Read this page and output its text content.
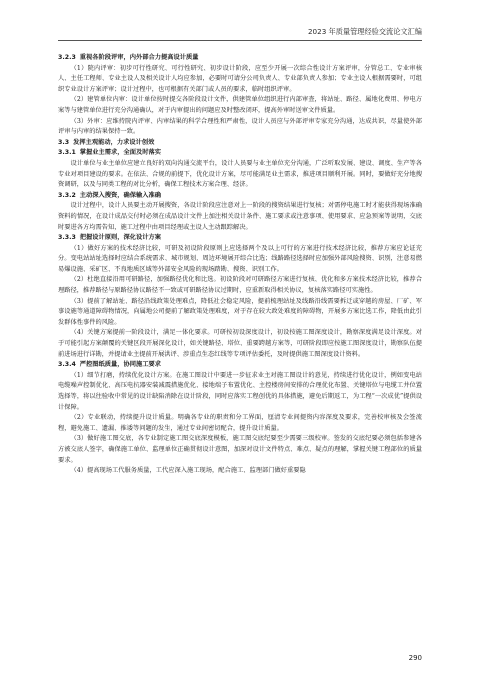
2023 年质量管理经验交流论文汇编

3.2.3 重视各阶段评审，内外部合力提高设计质量

（1）院内评审：初步可行性研究、可行性研究、初步设计阶段，应至少开展一次综合性设计方案评审，分管总工、专业审核人、主任工程师、专业主设人及相关设计人均应参加，必要时可请分公司负责人、专业部负责人参加；专业主设人根据需要时，可组织专业设计方案评审；设计过程中，也可根据有关部门或人员的要求，临时组织评审。

（2）建管单位内审：设计单位按时提交各阶段设计文件，供建管单位组织进行内部审查，将站址、路径、属地化费用、停电方案等与建管单位进行充分沟通确认，对于内审提出的问题应及时整改闭环，提高外审时送审文件质量。

（3）外审：应维持院内评审、内审结果的科学合理性和严肃性，设计人员应与外部评审专家充分沟通，达成共识，尽量使外部评审与内审的结果保持一致。

3.3 发挥主观能动，力求设计创效

3.3.1 掌握业主需求，全面及时落实

设计单位与业主单位应建立良好的双向沟通交流平台，设计人员要与业主单位充分沟通，广泛听取发展、建设、调度、生产等各专业对项目建设的要求。在依法、合规的前提下，优化设计方案，尽可能满足业主需求，推进项目顺利开展。同时，要做好充分地搜资调研，以及与同类工程的对比分析，确保工程技术方案合理、经济。

3.3.2 主动深入搜资，确保输入准确

设计过程中，设计人员要主动开展搜资，各设计阶段应注意对上一阶段的搜资结果进行复核；对需停电施工时才能获得现场准确资料的情况，在设计成品交付时必须在成品设计文件上加注相关设计条件、施工要求或注意事项、使用要求、应急预案等说明，交底时要进各方均需告知，施工过程中由项目经理或主设人主动跟踪解决。

3.3.3 把握设计原则，深化设计方案

（1）做好方案的技术经济比较，可研及初设阶段原则上应选择两个及以上可行的方案进行技术经济比较，推荐方案应论证充分。变电站站址选择时应结合系统需求、城市规划、周边环境展开综合比选；线路路径选择时应加强外部风险搜资、识别，注意易燃易爆设施、采矿区、不良地质区域等外部安全风险的现场踏勘、搜资、识别工作。

（2）杜绝直接沿用可研路径，加强路径优化和比选。初设阶段对可研路径方案进行复核、优化和多方案技术经济比较，推荐合理路径，推荐路径与原路径协议路径不一致或可研路径协议过期时，应重新取得相关协议，复核落实路径可实施性。

（3）提前了解站址、路径沿线政策处理难点，降低社会稳定风险，提前梳理站址及线路沿线需要拆迁或穿越的房屋、厂矿、军事设施等通道障碍物情况，向属地公司提前了解政策处理难度，对于存在较大政处难度的障碍物，开展多方案比选工作，降低由此引发群体性事件的风险。

（4）关键方案提前一阶段设计，满足一体化要求。可研按初设深度设计，初设按施工图深度设计，勘察深度满足设计深度。对于可能引起方案颠覆的关键区段开展深化设计，如关键路径、塔位、重要跨越方案等，可研阶段即应按施工图深度设计，勘察队伍提前进场进行详勘，并提请业主提前开展洪评、涉重点生态红线等专项评估委托，及时提供施工图深度设计资料。

3.3.4 严控图纸质量，协同施工要求

（1）细节打磨，持续优化设计方案。在施工图设计中要进一步征求业主对施工图设计的意见，持续进行优化设计，例如变电站电缆噪声控制优化、高压电抗器安装减震措施优化、接地端子布置优化、主控楼房间安排的合理优化布置、关键塔位与电缆工井位置选择等，将以往验收中常见的设计缺陷消除在设计阶段，同时应落实工程创优的具体措施，避免后期返工，为工程“一次成优”提供设计保障。

（2）专业联动，持续提升设计质量。明确各专业的职责和分工界面，厘清专业间提资内容深度及要求，完善校审核及会签流程，避免施工、遗漏、推诿等问题的发生，通过专业间密切配合，提升设计质量。

（3）做好施工图交底，各专业制定施工图交底深度模板，施工图交底纪要至少需要三级校审。签发的交底纪要必须包括参建各方被交底人签字，确保施工单位、监理单位正确贯彻设计意图，加深对设计文件特点、难点、疑点的理解，掌握关键工程部位的质量要求。

（4）提高现场工代服务质量，工代应深入施工现场，配合施工、监理部门做好重要隐

290
